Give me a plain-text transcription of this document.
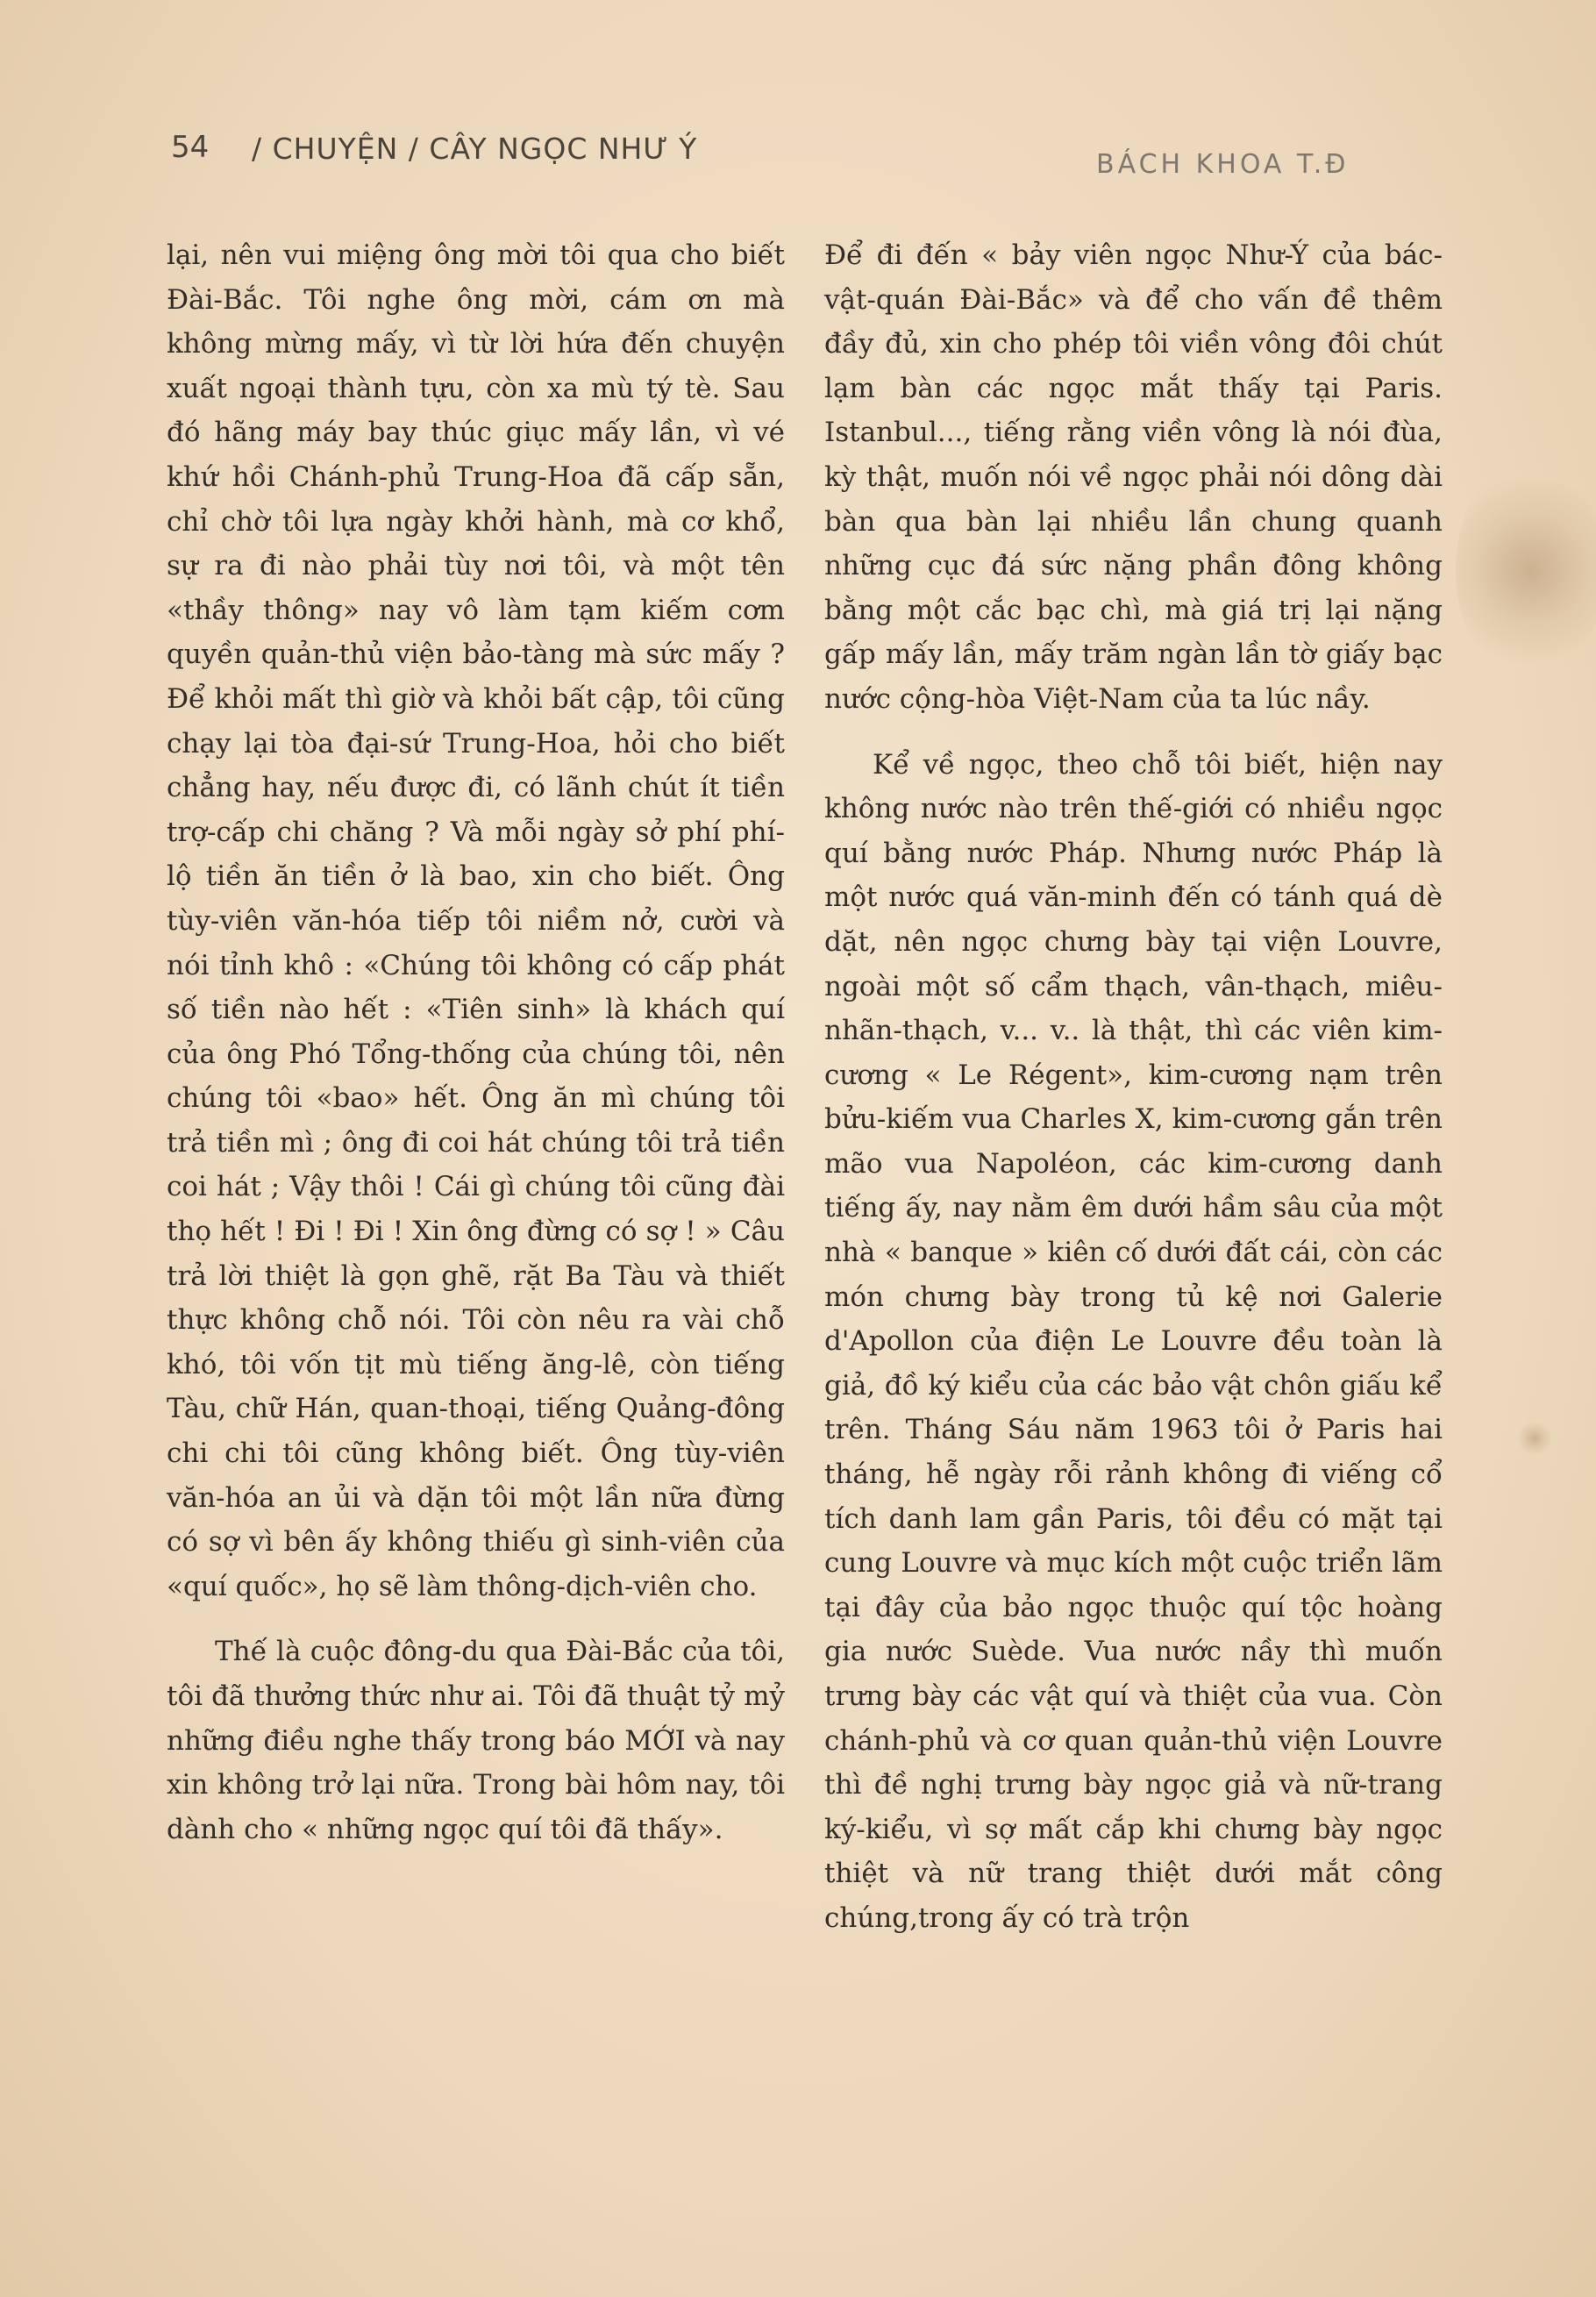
54 / CHUYỆN / CÂY NGỌC NHƯ Ý	BÁCH KHOA T.Đ

lại, nên vui miệng ông mời tôi qua cho biết Đài-Bắc. Tôi nghe ông mời, cám ơn mà không mừng mấy, vì từ lời hứa đến chuyện xuất ngoại thành tựu, còn xa mù tý tè. Sau đó hãng máy bay thúc giục mấy lần, vì vé khứ hồi Chánh-phủ Trung-Hoa đã cấp sẵn, chỉ chờ tôi lựa ngày khởi hành, mà cơ khổ, sự ra đi nào phải tùy nơi tôi, và một tên «thầy thông» nay vô làm tạm kiếm cơm quyền quản-thủ viện bảo-tàng mà sức mấy ? Để khỏi mất thì giờ và khỏi bất cập, tôi cũng chạy lại tòa đại-sứ Trung-Hoa, hỏi cho biết chẳng hay, nếu được đi, có lãnh chút ít tiền trợ-cấp chi chăng ? Và mỗi ngày sở phí phí-lộ tiền ăn tiền ở là bao, xin cho biết. Ông tùy-viên văn-hóa tiếp tôi niềm nở, cười và nói tỉnh khô : «Chúng tôi không có cấp phát số tiền nào hết : «Tiên sinh» là khách quí của ông Phó Tổng-thống của chúng tôi, nên chúng tôi «bao» hết. Ông ăn mì chúng tôi trả tiền mì ; ông đi coi hát chúng tôi trả tiền coi hát ; Vậy thôi ! Cái gì chúng tôi cũng đài thọ hết ! Đi ! Đi ! Xin ông đừng có sợ ! » Câu trả lời thiệt là gọn ghẽ, rặt Ba Tàu và thiết thực không chỗ nói. Tôi còn nêu ra vài chỗ khó, tôi vốn tịt mù tiếng ăng-lê, còn tiếng Tàu, chữ Hán, quan-thoại, tiếng Quảng-đông chi chi tôi cũng không biết. Ông tùy-viên văn-hóa an ủi và dặn tôi một lần nữa đừng có sợ vì bên ấy không thiếu gì sinh-viên của «quí quốc», họ sẽ làm thông-dịch-viên cho.

Thế là cuộc đông-du qua Đài-Bắc của tôi, tôi đã thưởng thức như ai. Tôi đã thuật tỷ mỷ những điều nghe thấy trong báo MỚI và nay xin không trở lại nữa. Trong bài hôm nay, tôi dành cho « những ngọc quí tôi đã thấy».

Để đi đến « bảy viên ngọc Như-Ý của bác-vật-quán Đài-Bắc» và để cho vấn đề thêm đầy đủ, xin cho phép tôi viền vông đôi chút lạm bàn các ngọc mắt thấy tại Paris. Istanbul..., tiếng rằng viền vông là nói đùa, kỳ thật, muốn nói về ngọc phải nói dông dài bàn qua bàn lại nhiều lần chung quanh những cục đá sức nặng phần đông không bằng một cắc bạc chì, mà giá trị lại nặng gấp mấy lần, mấy trăm ngàn lần tờ giấy bạc nước cộng-hòa Việt-Nam của ta lúc nầy.

Kể về ngọc, theo chỗ tôi biết, hiện nay không nước nào trên thế-giới có nhiều ngọc quí bằng nước Pháp. Nhưng nước Pháp là một nước quá văn-minh đến có tánh quá dè dặt, nên ngọc chưng bày tại viện Louvre, ngoài một số cẩm thạch, vân-thạch, miêu-nhãn-thạch, v... v.. là thật, thì các viên kim-cương « Le Régent», kim-cương nạm trên bửu-kiếm vua Charles X, kim-cương gắn trên mão vua Napoléon, các kim-cương danh tiếng ấy, nay nằm êm dưới hầm sâu của một nhà « banque » kiên cố dưới đất cái, còn các món chưng bày trong tủ kệ nơi Galerie d'Apollon của điện Le Louvre đều toàn là giả, đồ ký kiểu của các bảo vật chôn giấu kể trên. Tháng Sáu năm 1963 tôi ở Paris hai tháng, hễ ngày rỗi rảnh không đi viếng cổ tích danh lam gần Paris, tôi đều có mặt tại cung Louvre và mục kích một cuộc triển lãm tại đây của bảo ngọc thuộc quí tộc hoàng gia nước Suède. Vua nước nầy thì muốn trưng bày các vật quí và thiệt của vua. Còn chánh-phủ và cơ quan quản-thủ viện Louvre thì đề nghị trưng bày ngọc giả và nữ-trang ký-kiểu, vì sợ mất cắp khi chưng bày ngọc thiệt và nữ trang thiệt dưới mắt công chúng,trong ấy có trà trộn
